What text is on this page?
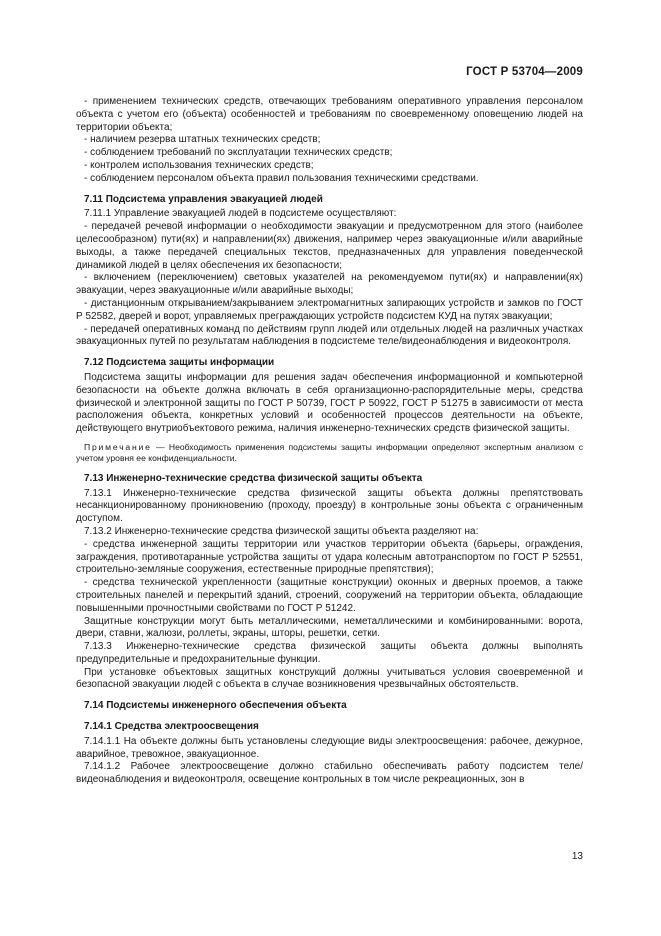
ГОСТ Р 53704—2009

- применением технических средств, отвечающих требованиям оперативного управления персоналом объекта с учетом его (объекта) особенностей и требованиям по своевременному оповещению людей на территории объекта;

- наличием резерва штатных технических средств;

- соблюдением требований по эксплуатации технических средств;

- контролем использования технических средств;

- соблюдением персоналом объекта правил пользования техническими средствами.

7.11 Подсистема управления эвакуацией людей

7.11.1 Управление эвакуацией людей в подсистеме осуществляют:

- передачей речевой информации о необходимости эвакуации и предусмотренном для этого (наиболее целесообразном) пути(ях) и направлении(ях) движения, например через эвакуационные и/или аварийные выходы, а также передачей специальных текстов, предназначенных для управления поведенческой динамикой людей в целях обеспечения их безопасности;

- включением (переключением) световых указателей на рекомендуемом пути(ях) и направлении(ях) эвакуации, через эвакуационные и/или аварийные выходы;

- дистанционным открыванием/закрыванием электромагнитных запирающих устройств и замков по ГОСТ Р 52582, дверей и ворот, управляемых преграждающих устройств подсистем КУД на путях эвакуации;

- передачей оперативных команд по действиям групп людей или отдельных людей на различных участках эвакуационных путей по результатам наблюдения в подсистеме теле/видеонаблюдения и видеоконтроля.

7.12 Подсистема защиты информации

Подсистема защиты информации для решения задач обеспечения информационной и компьютерной безопасности на объекте должна включать в себя организационно-распорядительные меры, средства физической и электронной защиты по ГОСТ Р 50739, ГОСТ Р 50922, ГОСТ Р 51275 в зависимости от места расположения объекта, конкретных условий и особенностей процессов деятельности на объекте, действующего внутриобъектового режима, наличия инженерно-технических средств физической защиты.

Примечание — Необходимость применения подсистемы защиты информации определяют экспертным анализом с учетом уровня ее конфиденциальности.

7.13 Инженерно-технические средства физической защиты объекта

7.13.1 Инженерно-технические средства физической защиты объекта должны препятствовать несанкционированному проникновению (проходу, проезду) в контрольные зоны объекта с ограниченным доступом.

7.13.2 Инженерно-технические средства физической защиты объекта разделяют на:

- средства инженерной защиты территории или участков территории объекта (барьеры, ограждения, заграждения, противотаранные устройства защиты от удара колесным автотранспортом по ГОСТ Р 52551, строительно-земляные сооружения, естественные природные препятствия);

- средства технической укрепленности (защитные конструкции) оконных и дверных проемов, а также строительных панелей и перекрытий зданий, строений, сооружений на территории объекта, обладающие повышенными прочностными свойствами по ГОСТ Р 51242.

Защитные конструкции могут быть металлическими, неметаллическими и комбинированными: ворота, двери, ставни, жалюзи, роллеты, экраны, шторы, решетки, сетки.

7.13.3 Инженерно-технические средства физической защиты объекта должны выполнять предупредительные и предохранительные функции.

При установке объектовых защитных конструкций должны учитываться условия своевременной и безопасной эвакуации людей с объекта в случае возникновения чрезвычайных обстоятельств.

7.14 Подсистемы инженерного обеспечения объекта

7.14.1 Средства электроосвещения

7.14.1.1 На объекте должны быть установлены следующие виды электроосвещения: рабочее, дежурное, аварийное, тревожное, эвакуационное.

7.14.1.2 Рабочее электроосвещение должно стабильно обеспечивать работу подсистем теле/видеонаблюдения и видеоконтроля, освещение контрольных в том числе рекреационных, зон в

13
